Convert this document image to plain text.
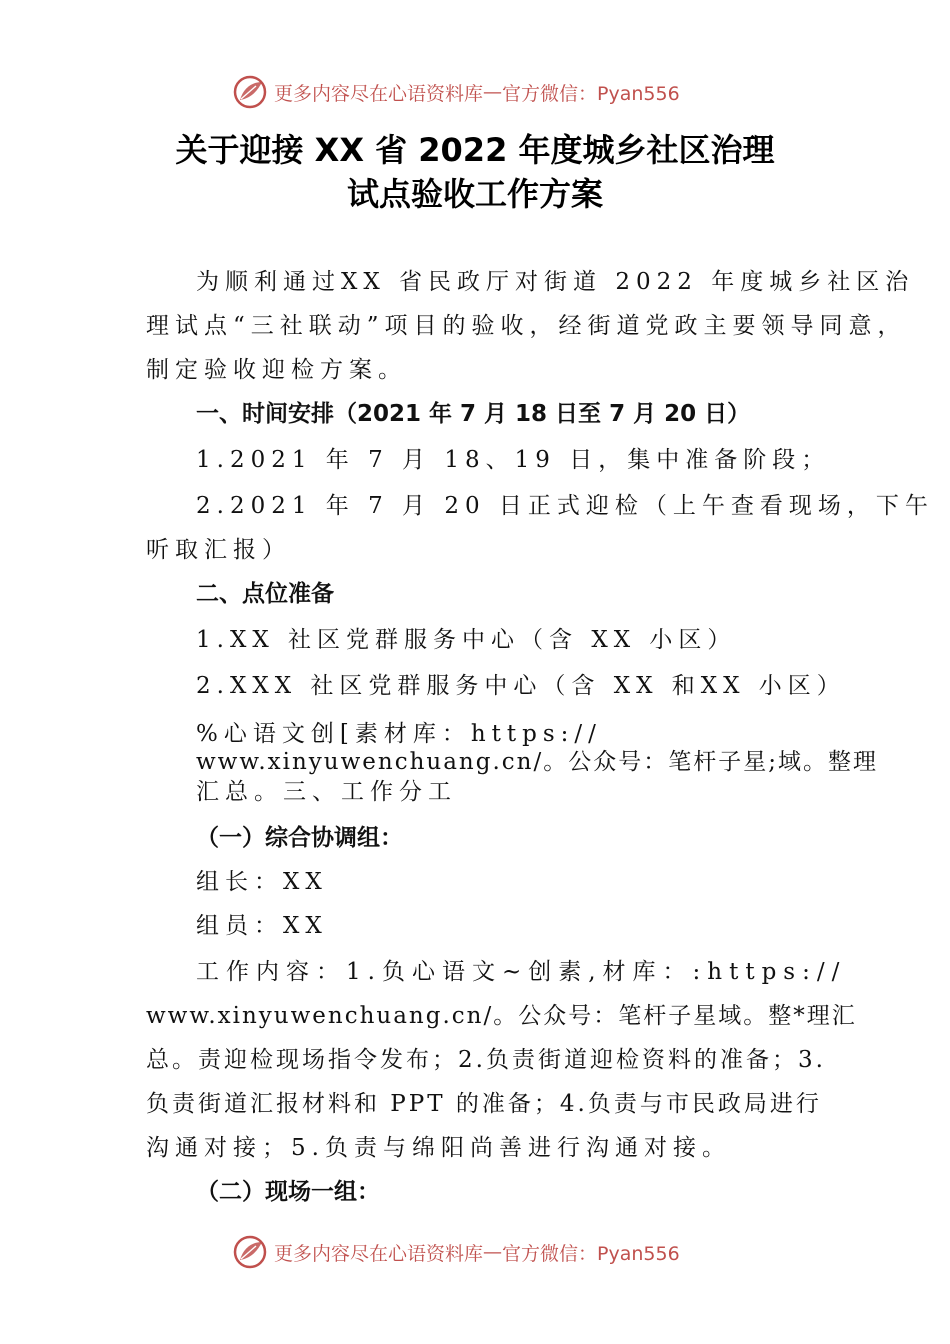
更多内容尽在心语资料库 — 官方微信：Pyan556
关于迎接 XX 省 2022 年度城乡社区治理
试点验收工作方案
为顺利通过XX 省民政厅对街道 2022 年度城乡社区治
理试点“三社联动”项目的验收，经街道党政主要领导同意，
制定验收迎检方案。
一、时间安排（2021 年 7 月 18 日至 7 月 20 日）
1.2021 年 7 月 18、19 日，集中准备阶段；
2.2021 年 7 月 20 日正式迎检（上午查看现场，下午
听取汇报）
二、点位准备
1.XX 社区党群服务中心（含 XX 小区）
2.XXX 社区党群服务中心（含 XX 和XX 小区）
%心语文创[素材库：https://
www.xinyuwenchuang.cn/。公众号：笔杆子星;域。整理
汇总。三、工作分工
（一）综合协调组：
组长：XX
组员：XX
工作内容：1.负心语文~创素,材库：:https://
www.xinyuwenchuang.cn/。公众号：笔杆子星域。整*理汇
总。责迎检现场指令发布；2.负责街道迎检资料的准备；3.
负责街道汇报材料和 PPT 的准备；4.负责与市民政局进行
沟通对接；5.负责与绵阳尚善进行沟通对接。
（二）现场一组：
更多内容尽在心语资料库 — 官方微信：Pyan556
